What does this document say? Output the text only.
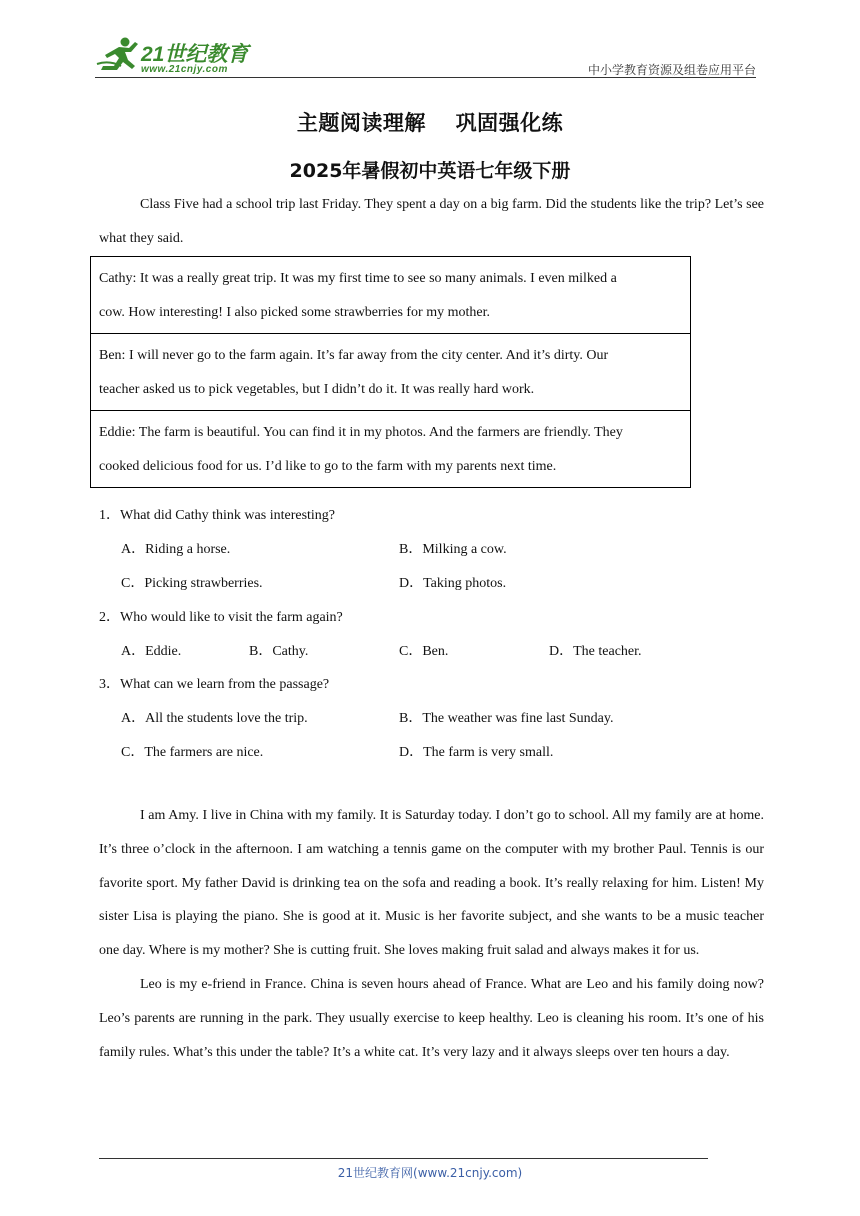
21世纪教育
www.21cnjy.com	中小学教育资源及组卷应用平台
主题阅读理解 巩固强化练
2025年暑假初中英语七年级下册

Class Five had a school trip last Friday. They spent a day on a big farm. Did the students like the trip? Let’s see what they said.

Cathy: It was a really great trip. It was my first time to see so many animals. I even milked a
cow. How interesting! I also picked some strawberries for my mother.
Ben: I will never go to the farm again. It’s far away from the city center. And it’s dirty. Our
teacher asked us to pick vegetables, but I didn’t do it. It was really hard work.
Eddie: The farm is beautiful. You can find it in my photos. And the farmers are friendly. They
cooked delicious food for us. I’d like to go to the farm with my parents next time.
1．What did Cathy think was interesting?
A．Riding a horse.	B．Milking a cow.
C．Picking strawberries.	D．Taking photos.
2．Who would like to visit the farm again?
A．Eddie.	B．Cathy.	C．Ben.	D．The teacher.
3．What can we learn from the passage?
A．All the students love the trip.	B．The weather was fine last Sunday.
C．The farmers are nice.	D．The farm is very small.

I am Amy. I live in China with my family. It is Saturday today. I don’t go to school. All my family are at home. It’s three o’clock in the afternoon. I am watching a tennis game on the computer with my brother Paul. Tennis is our favorite sport. My father David is drinking tea on the sofa and reading a book. It’s really relaxing for him. Listen! My sister Lisa is playing the piano. She is good at it. Music is her favorite subject, and she wants to be a music teacher one day. Where is my mother? She is cutting fruit. She loves making fruit salad and always makes it for us.

Leo is my e-friend in France. China is seven hours ahead of France. What are Leo and his family doing now? Leo’s parents are running in the park. They usually exercise to keep healthy. Leo is cleaning his room. It’s one of his family rules. What’s this under the table? It’s a white cat. It’s very lazy and it always sleeps over ten hours a day.

21世纪教育网(www.21cnjy.com)
